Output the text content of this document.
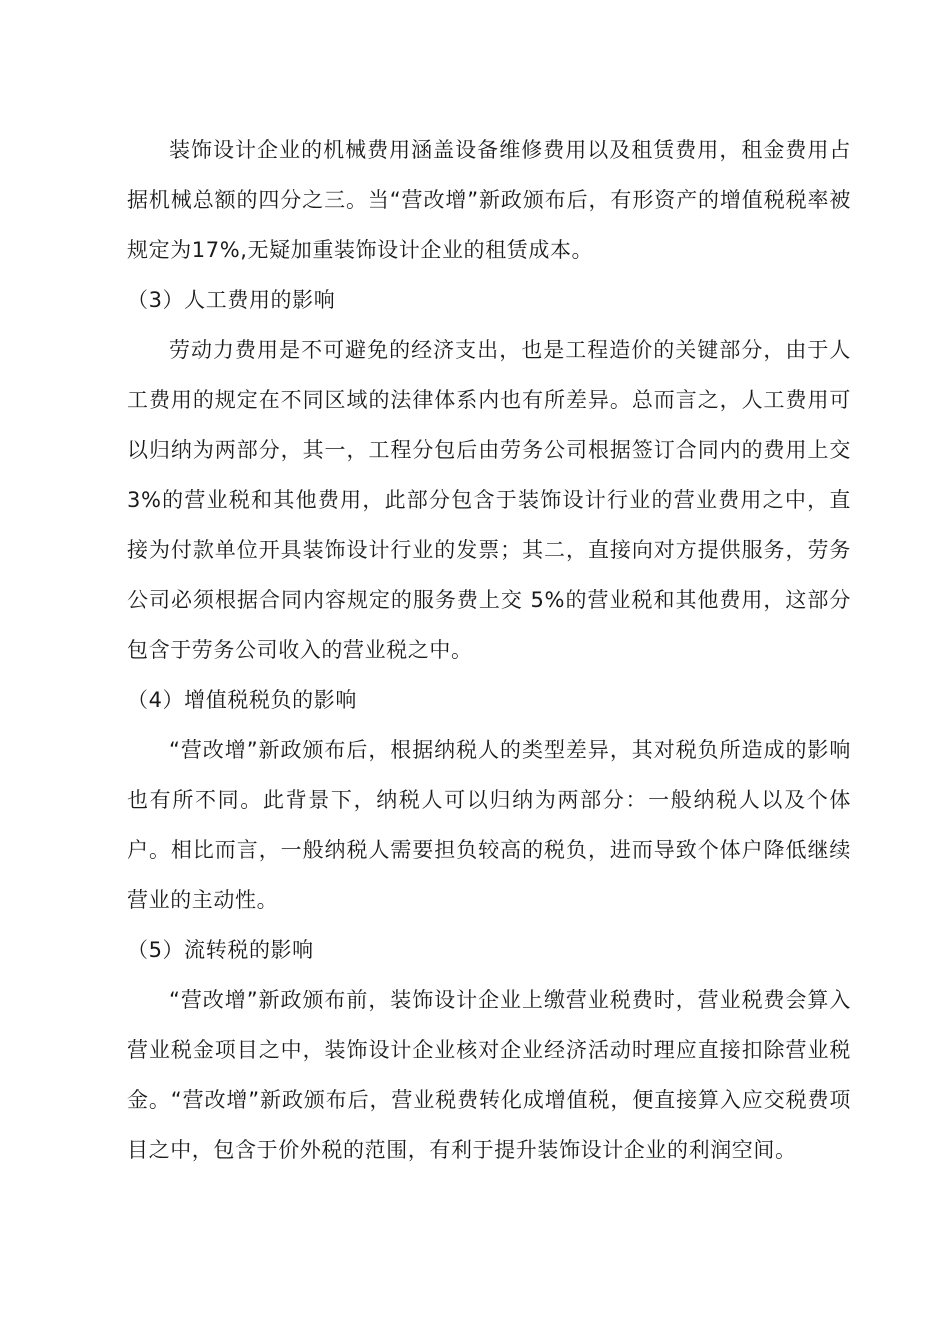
装饰设计企业的机械费用涵盖设备维修费用以及租赁费用，租金费用占据机械总额的四分之三。当“营改增”新政颁布后，有形资产的增值税税率被规定为17%,无疑加重装饰设计企业的租赁成本。

（3）人工费用的影响

劳动力费用是不可避免的经济支出，也是工程造价的关键部分，由于人工费用的规定在不同区域的法律体系内也有所差异。总而言之，人工费用可以归纳为两部分，其一，工程分包后由劳务公司根据签订合同内的费用上交 3%的营业税和其他费用，此部分包含于装饰设计行业的营业费用之中，直接为付款单位开具装饰设计行业的发票；其二，直接向对方提供服务，劳务公司必须根据合同内容规定的服务费上交 5%的营业税和其他费用，这部分包含于劳务公司收入的营业税之中。

（4）增值税税负的影响

“营改增”新政颁布后，根据纳税人的类型差异，其对税负所造成的影响也有所不同。此背景下，纳税人可以归纳为两部分：一般纳税人以及个体户。相比而言，一般纳税人需要担负较高的税负，进而导致个体户降低继续营业的主动性。

（5）流转税的影响

“营改增”新政颁布前，装饰设计企业上缴营业税费时，营业税费会算入营业税金项目之中，装饰设计企业核对企业经济活动时理应直接扣除营业税金。“营改增”新政颁布后，营业税费转化成增值税，便直接算入应交税费项目之中，包含于价外税的范围，有利于提升装饰设计企业的利润空间。
